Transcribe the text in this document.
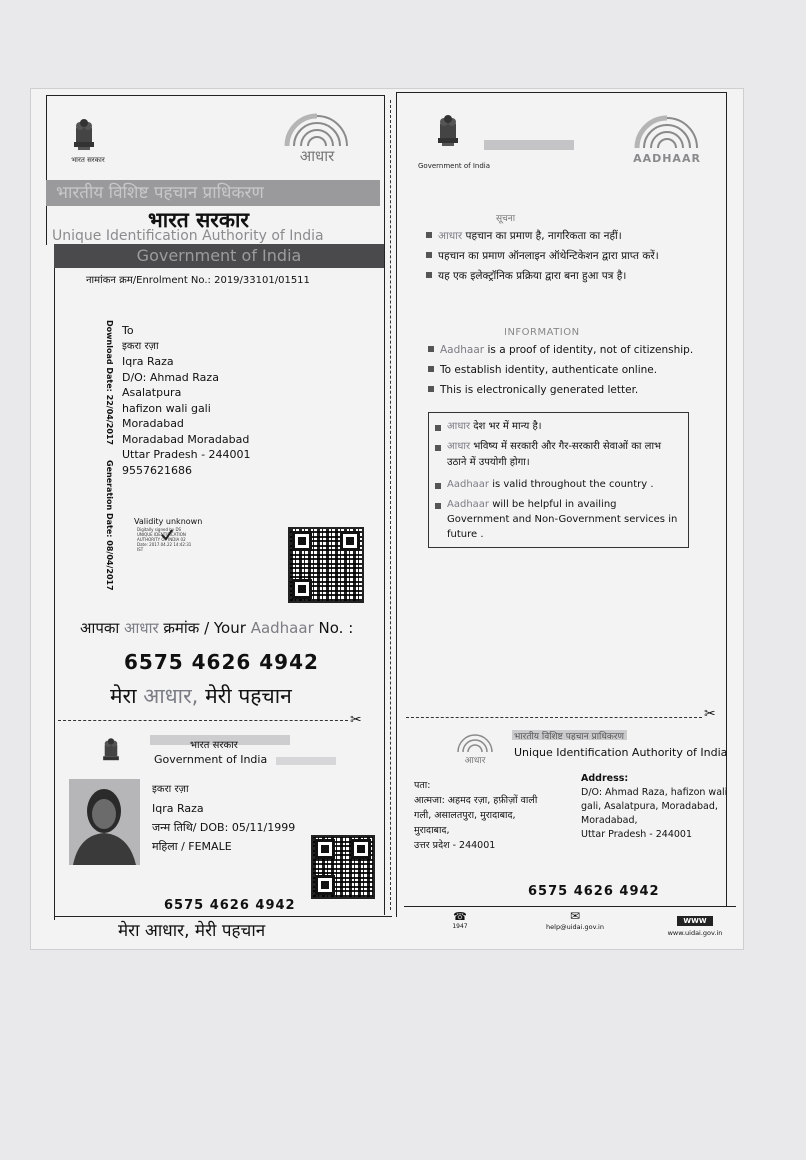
भारत सरकार	आधार
भारतीय विशिष्ट पहचान प्राधिकरण
भारत सरकार
Unique Identification Authority of India
Government of India
नामांकन क्रम/Enrolment No.: 2019/33101/01511
Download Date: 22/04/2017
Generation Date: 08/04/2017
To
इकरा रज़ा
Iqra Raza
D/O: Ahmad Raza
Asalatpura
hafizon wali gali
Moradabad
Moradabad Moradabad
Uttar Pradesh - 244001
9557621686
Validity unknown
Digitally signed by DS
UNIQUE IDENTIFICATION
AUTHORITY OF INDIA 02
Date: 2017.04.22 14:42:31
IST
आपका आधार क्रमांक / Your Aadhaar No. :
6575 4626 4942
मेरा आधार, मेरी पहचान
Government of India
AADHAAR
सूचना
आधार पहचान का प्रमाण है, नागरिकता का नहीं।
पहचान का प्रमाण ऑनलाइन ऑथेन्टिकेशन द्वारा प्राप्त करें।
यह एक इलेक्ट्रॉनिक प्रक्रिया द्वारा बना हुआ पत्र है।
INFORMATION
Aadhaar is a proof of identity, not of citizenship.
To establish identity, authenticate online.
This is electronically generated letter.
आधार देश भर में मान्य है।
आधार भविष्य में सरकारी और गैर-सरकारी सेवाओं का लाभ उठाने में उपयोगी होगा।
Aadhaar is valid throughout the country .
Aadhaar will be helpful in availing Government and Non-Government services in future .
✂	✂
भारत सरकार
Government of India
इकरा रज़ा
Iqra Raza
जन्म तिथि/ DOB: 05/11/1999
महिला / FEMALE
6575 4626 4942
आधार
भारतीय विशिष्ट पहचान प्राधिकरण
Unique Identification Authority of India
पता:
आत्मजा: अहमद रज़ा, हफ़ीज़ों वाली
गली, असालतपुरा, मुरादाबाद,
मुरादाबाद,
उत्तर प्रदेश - 244001
Address:
D/O: Ahmad Raza, hafizon wali
gali, Asalatpura, Moradabad,
Moradabad,
Uttar Pradesh - 244001
6575 4626 4942
☎
1947
✉
help@uidai.gov.in
WWW
www.uidai.gov.in
मेरा आधार, मेरी पहचान
